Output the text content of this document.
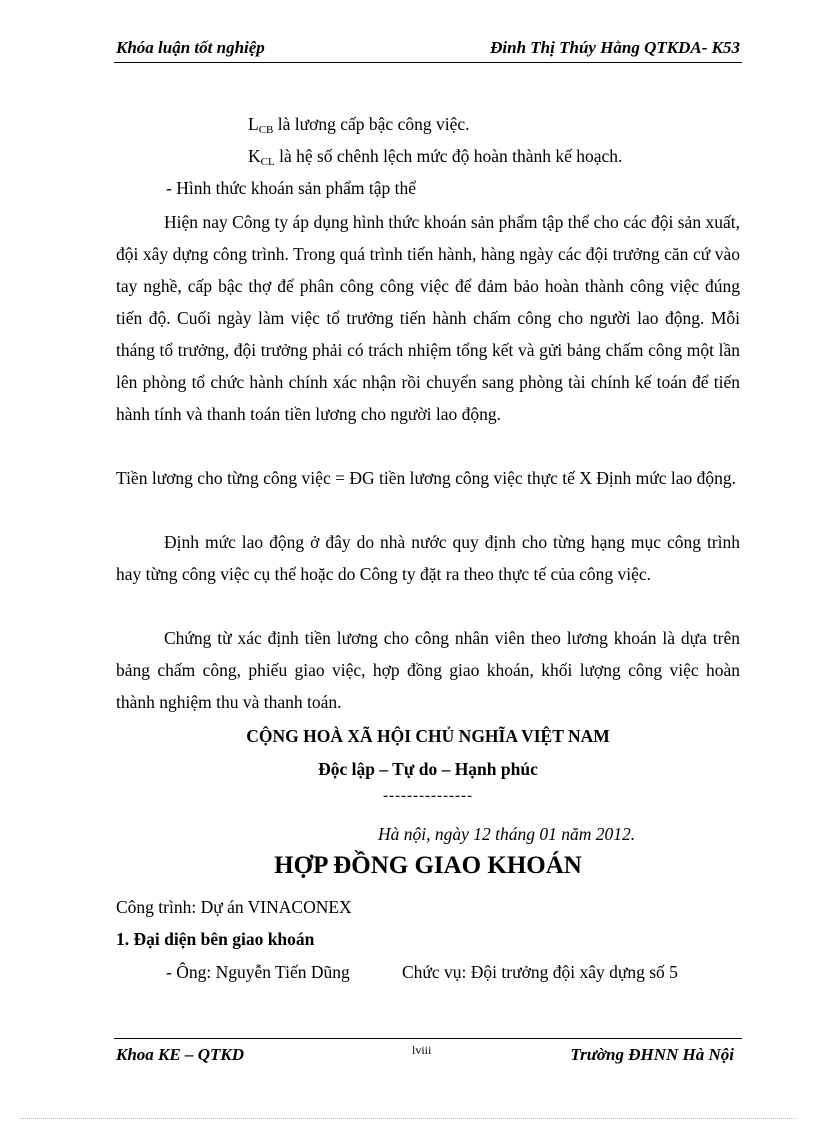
Khóa luận tốt nghiệp	Đinh Thị Thúy Hằng QTKDA- K53
$L_{CB}$ là lương cấp bậc công việc.
$K_{CL}$ là hệ số chênh lệch mức độ hoàn thành kế hoạch.
- Hình thức khoán sản phẩm tập thể
Hiện nay Công ty áp dụng hình thức khoán sản phẩm tập thể cho các đội sản xuất, đội xây dựng công trình. Trong quá trình tiến hành, hàng ngày các đội trưởng căn cứ vào tay nghề, cấp bậc thợ để phân công công việc để đảm bảo hoàn thành công việc đúng tiến độ. Cuối ngày làm việc tổ trưởng tiến hành chấm công cho người lao động. Mỗi tháng tổ trưởng, đội trưởng phải có trách nhiệm tổng kết và gửi bảng chấm công một lần lên phòng tổ chức hành chính xác nhận rồi chuyển sang phòng tài chính kế toán để tiến hành tính và thanh toán tiền lương cho người lao động.
Tiền lương cho từng công việc = ĐG tiền lương công việc thực tế X Định mức lao động.
Định mức lao động ở đây do nhà nước quy định cho từng hạng mục công trình hay từng công việc cụ thể hoặc do Công ty đặt ra theo thực tế của công việc.
Chứng từ xác định tiền lương cho công nhân viên theo lương khoán là dựa trên bảng chấm công, phiếu giao việc, hợp đồng giao khoán, khối lượng công việc hoàn thành nghiệm thu và thanh toán.
CỘNG HOÀ XÃ HỘI CHỦ NGHĨA VIỆT NAM
Độc lập – Tự do – Hạnh phúc
---------------
Hà nội, ngày 12 tháng 01 năm 2012.
HỢP ĐỒNG GIAO KHOÁN
Công trình: Dự án VINACONEX
1. Đại diện bên giao khoán
- Ông: Nguyễn Tiến Dũng	Chức vụ: Đội trưởng đội xây dựng số 5
Khoa KE – QTKD	lviii	Trường ĐHNN Hà Nội
